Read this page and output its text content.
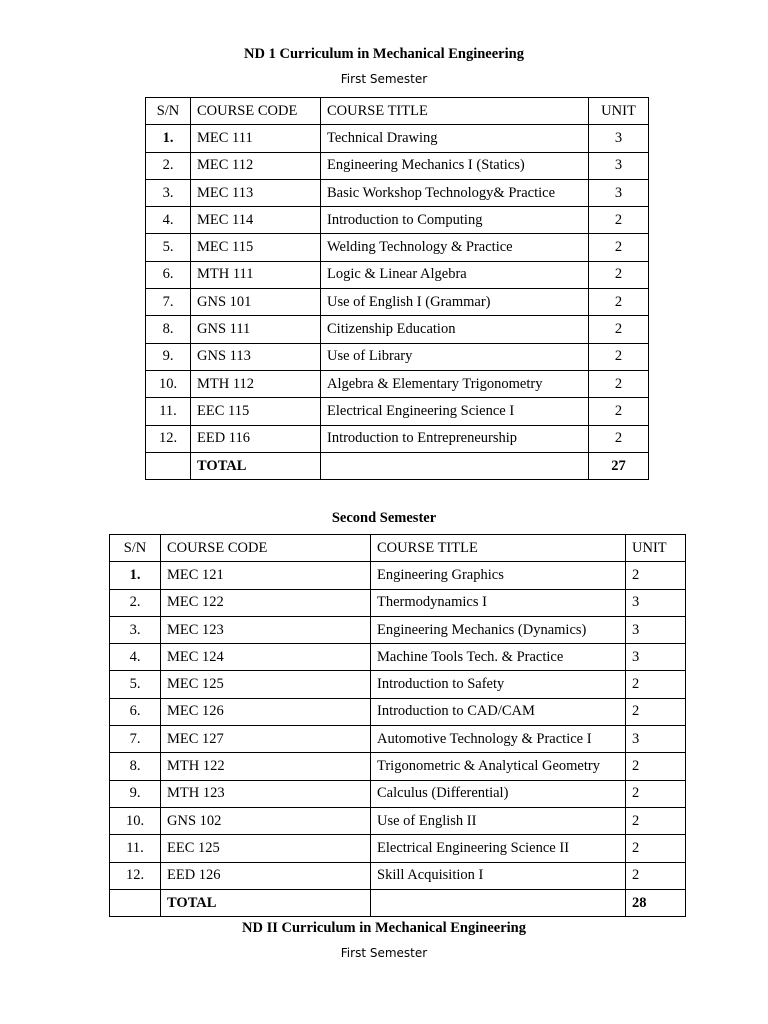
ND 1 Curriculum in Mechanical Engineering
First Semester
S/N	COURSE CODE	COURSE TITLE	UNIT
1.	MEC 111	Technical Drawing	3
2.	MEC 112	Engineering Mechanics I (Statics)	3
3.	MEC 113	Basic Workshop Technology& Practice	3
4.	MEC 114	Introduction to Computing	2
5.	MEC 115	Welding Technology & Practice	2
6.	MTH 111	Logic & Linear Algebra	2
7.	GNS 101	Use of English I (Grammar)	2
8.	GNS 111	Citizenship Education	2
9.	GNS 113	Use of Library	2
10.	MTH 112	Algebra & Elementary Trigonometry	2
11.	EEC 115	Electrical Engineering Science I	2
12.	EED 116	Introduction to Entrepreneurship	2
	TOTAL		27
Second Semester
S/N	COURSE CODE	COURSE TITLE	UNIT
1.	MEC 121	Engineering Graphics	2
2.	MEC 122	Thermodynamics I	3
3.	MEC 123	Engineering Mechanics (Dynamics)	3
4.	MEC 124	Machine Tools Tech. & Practice	3
5.	MEC 125	Introduction to Safety	2
6.	MEC 126	Introduction to CAD/CAM	2
7.	MEC 127	Automotive Technology & Practice I	3
8.	MTH 122	Trigonometric & Analytical Geometry	2
9.	MTH 123	Calculus (Differential)	2
10.	GNS 102	Use of English II	2
11.	EEC 125	Electrical Engineering Science II	2
12.	EED 126	Skill Acquisition I	2
	TOTAL		28
ND II Curriculum in Mechanical Engineering
First Semester
